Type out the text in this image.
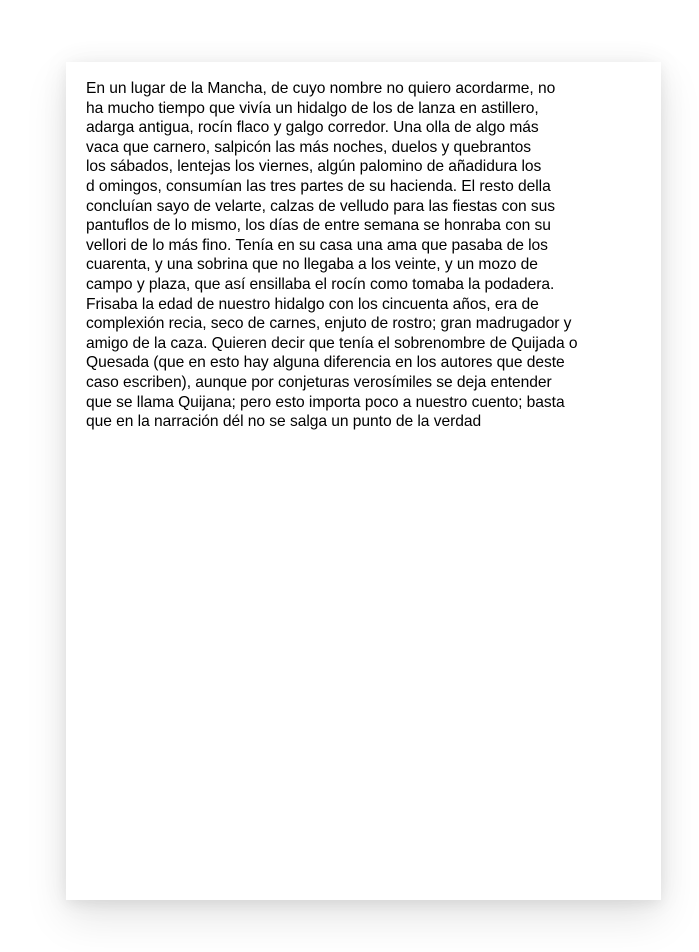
En un lugar de la Mancha, de cuyo nombre no quiero acordarme, no
ha mucho tiempo que vivía un hidalgo de los de lanza en astillero,
adarga antigua, rocín flaco y galgo corredor. Una olla de algo más
vaca que carnero, salpicón las más noches, duelos y quebrantos
los sábados, lentejas los viernes, algún palomino de añadidura los
d omingos, consumían las tres partes de su hacienda. El resto della
concluían sayo de velarte, calzas de velludo para las fiestas con sus
pantuflos de lo mismo, los días de entre semana se honraba con su
vellori de lo más fino. Tenía en su casa una ama que pasaba de los
cuarenta, y una sobrina que no llegaba a los veinte, y un mozo de
campo y plaza, que así ensillaba el rocín como tomaba la podadera.
Frisaba la edad de nuestro hidalgo con los cincuenta años, era de
complexión recia, seco de carnes, enjuto de rostro; gran madrugador y
amigo de la caza. Quieren decir que tenía el sobrenombre de Quijada o
Quesada (que en esto hay alguna diferencia en los autores que deste
caso escriben), aunque por conjeturas verosímiles se deja entender
que se llama Quijana; pero esto importa poco a nuestro cuento; basta
que en la narración dél no se salga un punto de la verdad
